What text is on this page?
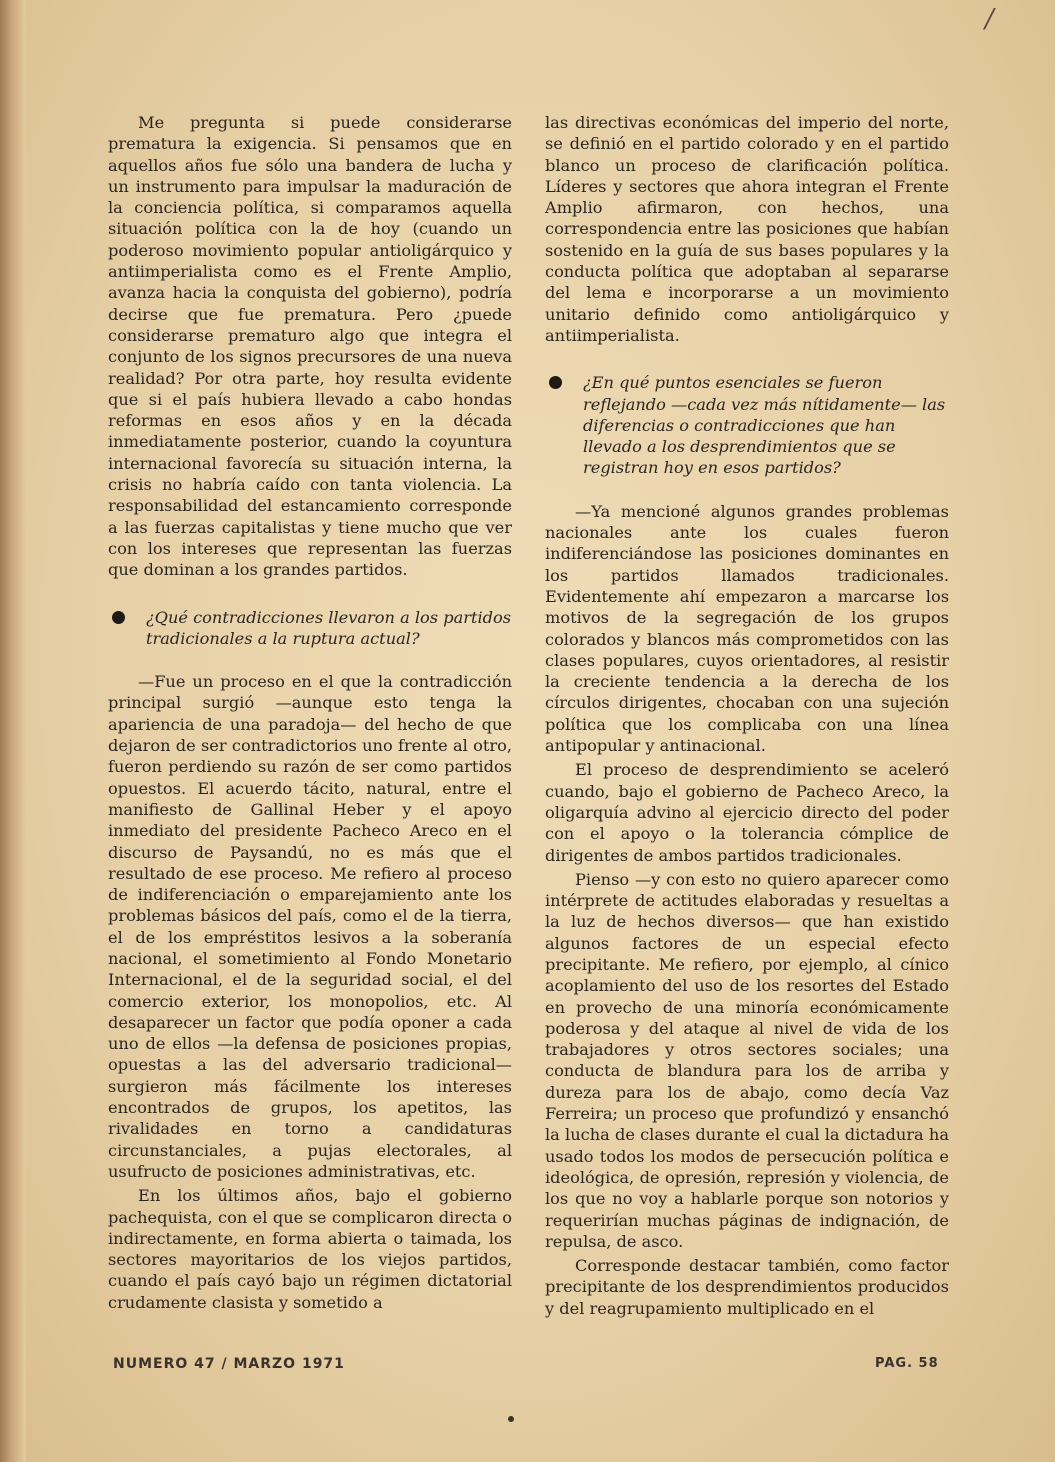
/

Me pregunta si puede considerarse prematura la exigencia. Si pensamos que en aquellos años fue sólo una bandera de lucha y un instrumento para impulsar la maduración de la conciencia política, si comparamos aquella situación política con la de hoy (cuando un poderoso movimiento popular antioligárquico y antiimperialista como es el Frente Amplio, avanza hacia la conquista del gobierno), podría decirse que fue prematura. Pero ¿puede considerarse prematuro algo que integra el conjunto de los signos precursores de una nueva realidad? Por otra parte, hoy resulta evidente que si el país hubiera llevado a cabo hondas reformas en esos años y en la década inmediatamente posterior, cuando la coyuntura internacional favorecía su situación interna, la crisis no habría caído con tanta violencia. La responsabilidad del estancamiento corresponde a las fuerzas capitalistas y tiene mucho que ver con los intereses que representan las fuerzas que dominan a los grandes partidos.

¿Qué contradicciones llevaron a los partidos tradicionales a la ruptura actual?

—Fue un proceso en el que la contradicción principal surgió —aunque esto tenga la apariencia de una paradoja— del hecho de que dejaron de ser contradictorios uno frente al otro, fueron perdiendo su razón de ser como partidos opuestos. El acuerdo tácito, natural, entre el manifiesto de Gallinal Heber y el apoyo inmediato del presidente Pacheco Areco en el discurso de Paysandú, no es más que el resultado de ese proceso. Me refiero al proceso de indiferenciación o emparejamiento ante los problemas básicos del país, como el de la tierra, el de los empréstitos lesivos a la soberanía nacional, el sometimiento al Fondo Monetario Internacional, el de la seguridad social, el del comercio exterior, los monopolios, etc. Al desaparecer un factor que podía oponer a cada uno de ellos —la defensa de posiciones propias, opuestas a las del adversario tradicional— surgieron más fácilmente los intereses encontrados de grupos, los apetitos, las rivalidades en torno a candidaturas circunstanciales, a pujas electorales, al usufructo de posiciones administrativas, etc.

En los últimos años, bajo el gobierno pachequista, con el que se complicaron directa o indirectamente, en forma abierta o taimada, los sectores mayoritarios de los viejos partidos, cuando el país cayó bajo un régimen dictatorial crudamente clasista y sometido a

las directivas económicas del imperio del norte, se definió en el partido colorado y en el partido blanco un proceso de clarificación política. Líderes y sectores que ahora integran el Frente Amplio afirmaron, con hechos, una correspondencia entre las posiciones que habían sostenido en la guía de sus bases populares y la conducta política que adoptaban al separarse del lema e incorporarse a un movimiento unitario definido como antioligárquico y antiimperialista.

¿En qué puntos esenciales se fueron reflejando —cada vez más nítidamente— las diferencias o contradicciones que han llevado a los desprendimientos que se registran hoy en esos partidos?

—Ya mencioné algunos grandes problemas nacionales ante los cuales fueron indiferenciándose las posiciones dominantes en los partidos llamados tradicionales. Evidentemente ahí empezaron a marcarse los motivos de la segregación de los grupos colorados y blancos más comprometidos con las clases populares, cuyos orientadores, al resistir la creciente tendencia a la derecha de los círculos dirigentes, chocaban con una sujeción política que los complicaba con una línea antipopular y antinacional.

El proceso de desprendimiento se aceleró cuando, bajo el gobierno de Pacheco Areco, la oligarquía advino al ejercicio directo del poder con el apoyo o la tolerancia cómplice de dirigentes de ambos partidos tradicionales.

Pienso —y con esto no quiero aparecer como intérprete de actitudes elaboradas y resueltas a la luz de hechos diversos— que han existido algunos factores de un especial efecto precipitante. Me refiero, por ejemplo, al cínico acoplamiento del uso de los resortes del Estado en provecho de una minoría económicamente poderosa y del ataque al nivel de vida de los trabajadores y otros sectores sociales; una conducta de blandura para los de arriba y dureza para los de abajo, como decía Vaz Ferreira; un proceso que profundizó y ensanchó la lucha de clases durante el cual la dictadura ha usado todos los modos de persecución política e ideológica, de opresión, represión y violencia, de los que no voy a hablarle porque son notorios y requerirían muchas páginas de indignación, de repulsa, de asco.

Corresponde destacar también, como factor precipitante de los desprendimientos producidos y del reagrupamiento multiplicado en el

NUMERO 47 / MARZO 1971	PAG. 58
